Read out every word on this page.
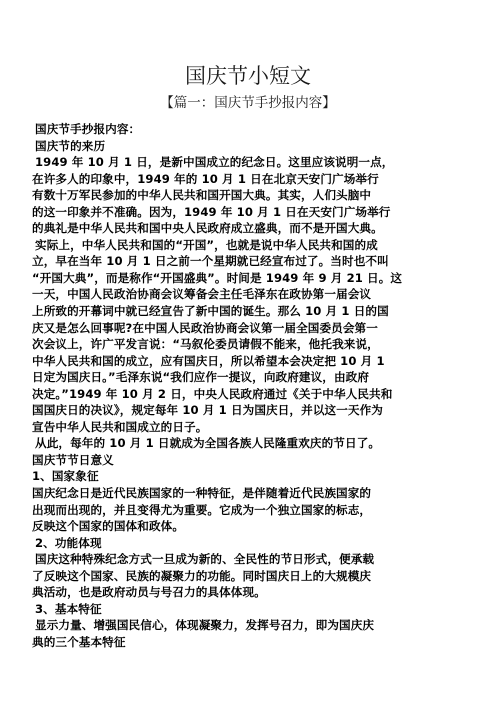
国庆节小短文
【篇一：国庆节手抄报内容】
国庆节手抄报内容：
国庆节的来历
1949 年 10 月 1 日，是新中国成立的纪念日。这里应该说明一点，
在许多人的印象中，1949 年的 10 月 1 日在北京天安门广场举行
有数十万军民参加的中华人民共和国开国大典。其实，人们头脑中
的这一印象并不准确。因为，1949 年 10 月 1 日在天安门广场举行
的典礼是中华人民共和国中央人民政府成立盛典，而不是开国大典。
实际上，中华人民共和国的“开国”，也就是说中华人民共和国的成
立，早在当年 10 月 1 日之前一个星期就已经宣布过了。当时也不叫
“开国大典”，而是称作“开国盛典”。时间是 1949 年 9 月 21 日。这
一天，中国人民政治协商会议筹备会主任毛泽东在政协第一届会议
上所致的开幕词中就已经宣告了新中国的诞生。那么 10 月 1 日的国
庆又是怎么回事呢?在中国人民政治协商会议第一届全国委员会第一
次会议上，许广平发言说：“马叙伦委员请假不能来，他托我来说，
中华人民共和国的成立，应有国庆日，所以希望本会决定把 10 月 1
日定为国庆日。”毛泽东说“我们应作一提议，向政府建议，由政府
决定。”1949 年 10 月 2 日，中央人民政府通过《关于中华人民共和
国国庆日的决议》，规定每年 10 月 1 日为国庆日，并以这一天作为
宣告中华人民共和国成立的日子。
从此，每年的 10 月 1 日就成为全国各族人民隆重欢庆的节日了。
国庆节节日意义
1、国家象征
国庆纪念日是近代民族国家的一种特征，是伴随着近代民族国家的
出现而出现的，并且变得尤为重要。它成为一个独立国家的标志，
反映这个国家的国体和政体。
2、功能体现
国庆这种特殊纪念方式一旦成为新的、全民性的节日形式，便承载
了反映这个国家、民族的凝聚力的功能。同时国庆日上的大规模庆
典活动，也是政府动员与号召力的具体体现。
3、基本特征
显示力量、增强国民信心，体现凝聚力，发挥号召力，即为国庆庆
典的三个基本特征
